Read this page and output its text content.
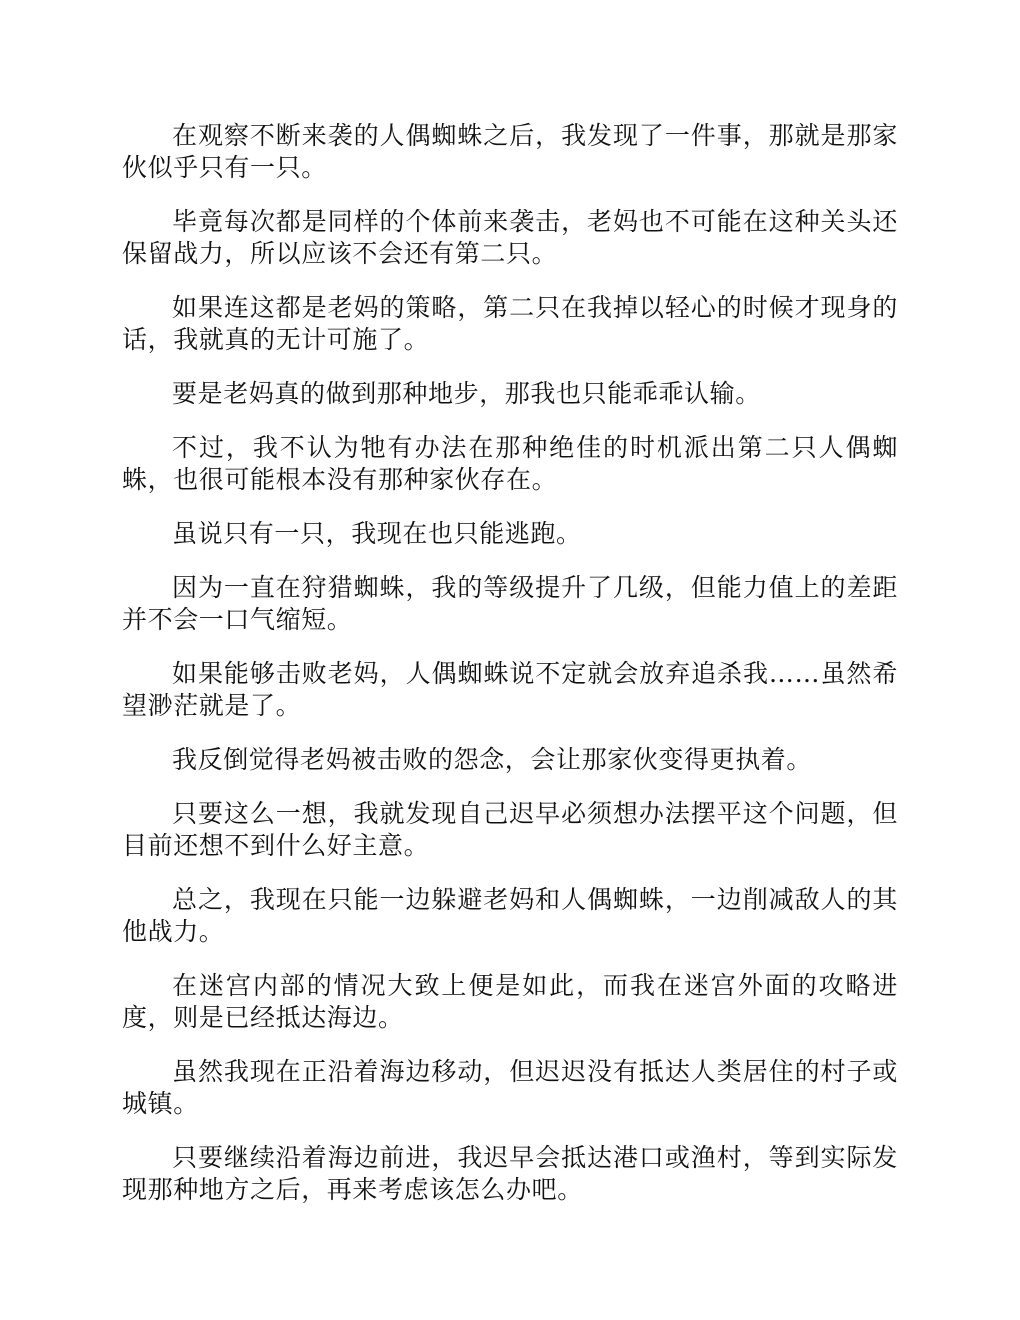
在观察不断来袭的人偶蜘蛛之后，我发现了一件事，那就是那家伙似乎只有一只。

毕竟每次都是同样的个体前来袭击，老妈也不可能在这种关头还保留战力，所以应该不会还有第二只。

如果连这都是老妈的策略，第二只在我掉以轻心的时候才现身的话，我就真的无计可施了。

要是老妈真的做到那种地步，那我也只能乖乖认输。

不过，我不认为牠有办法在那种绝佳的时机派出第二只人偶蜘蛛，也很可能根本没有那种家伙存在。

虽说只有一只，我现在也只能逃跑。

因为一直在狩猎蜘蛛，我的等级提升了几级，但能力值上的差距并不会一口气缩短。

如果能够击败老妈，人偶蜘蛛说不定就会放弃追杀我……虽然希望渺茫就是了。

我反倒觉得老妈被击败的怨念，会让那家伙变得更执着。

只要这么一想，我就发现自己迟早必须想办法摆平这个问题，但目前还想不到什么好主意。

总之，我现在只能一边躲避老妈和人偶蜘蛛，一边削减敌人的其他战力。

在迷宫内部的情况大致上便是如此，而我在迷宫外面的攻略进度，则是已经抵达海边。

虽然我现在正沿着海边移动，但迟迟没有抵达人类居住的村子或城镇。

只要继续沿着海边前进，我迟早会抵达港口或渔村，等到实际发现那种地方之后，再来考虑该怎么办吧。
